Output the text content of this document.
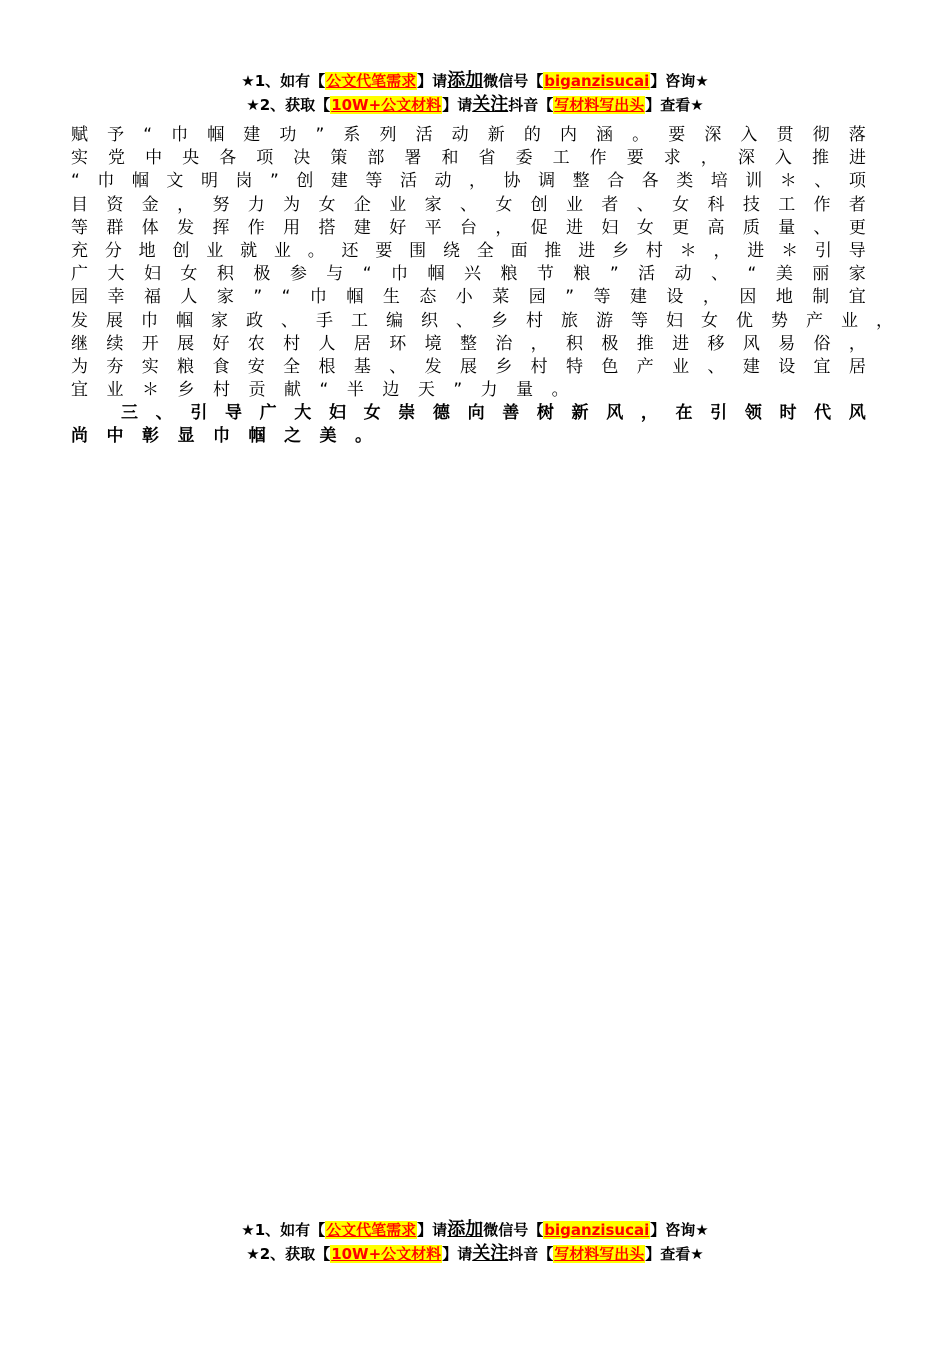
★1、如有【公文代笔需求】请添加微信号【biganzisucai】咨询★
★2、获取【10W+公文材料】请关注抖音【写材料写出头】查看★
赋 予 “ 巾 帼 建 功 ” 系 列 活 动 新 的 内 涵 。 要 深 入 贯 彻 落
实 党 中 央 各 项 决 策 部 署 和 省 委 工 作 要 求 ， 深 入 推 进
“ 巾 帼 文 明 岗 ” 创 建 等 活 动 ， 协 调 整 合 各 类 培 训 ＊ 、 项
目 资 金 ， 努 力 为 女 企 业 家 、 女 创 业 者 、 女 科 技 工 作 者
等 群 体 发 挥 作 用 搭 建 好 平 台 ， 促 进 妇 女 更 高 质 量 、 更
充 分 地 创 业 就 业 。 还 要 围 绕 全 面 推 进 乡 村 ＊ ， 进 ＊ 引 导
广 大 妇 女 积 极 参 与 “ 巾 帼 兴 粮 节 粮 ” 活 动 、 “ 美 丽 家
园 幸 福 人 家 ” “ 巾 帼 生 态 小 菜 园 ” 等 建 设 ， 因 地 制 宜
发 展 巾 帼 家 政 、 手 工 编 织 、 乡 村 旅 游 等 妇 女 优 势 产 业 ，
继 续 开 展 好 农 村 人 居 环 境 整 治 ， 积 极 推 进 移 风 易 俗 ，
为 夯 实 粮 食 安 全 根 基 、 发 展 乡 村 特 色 产 业 、 建 设 宜 居
宜 业 ＊ 乡 村 贡 献 “ 半 边 天 ” 力 量 。
三 、 引 导 广 大 妇 女 崇 德 向 善 树 新 风 ， 在 引 领 时 代 风
尚 中 彰 显 巾 帼 之 美 。
★1、如有【公文代笔需求】请添加微信号【biganzisucai】咨询★
★2、获取【10W+公文材料】请关注抖音【写材料写出头】查看★
